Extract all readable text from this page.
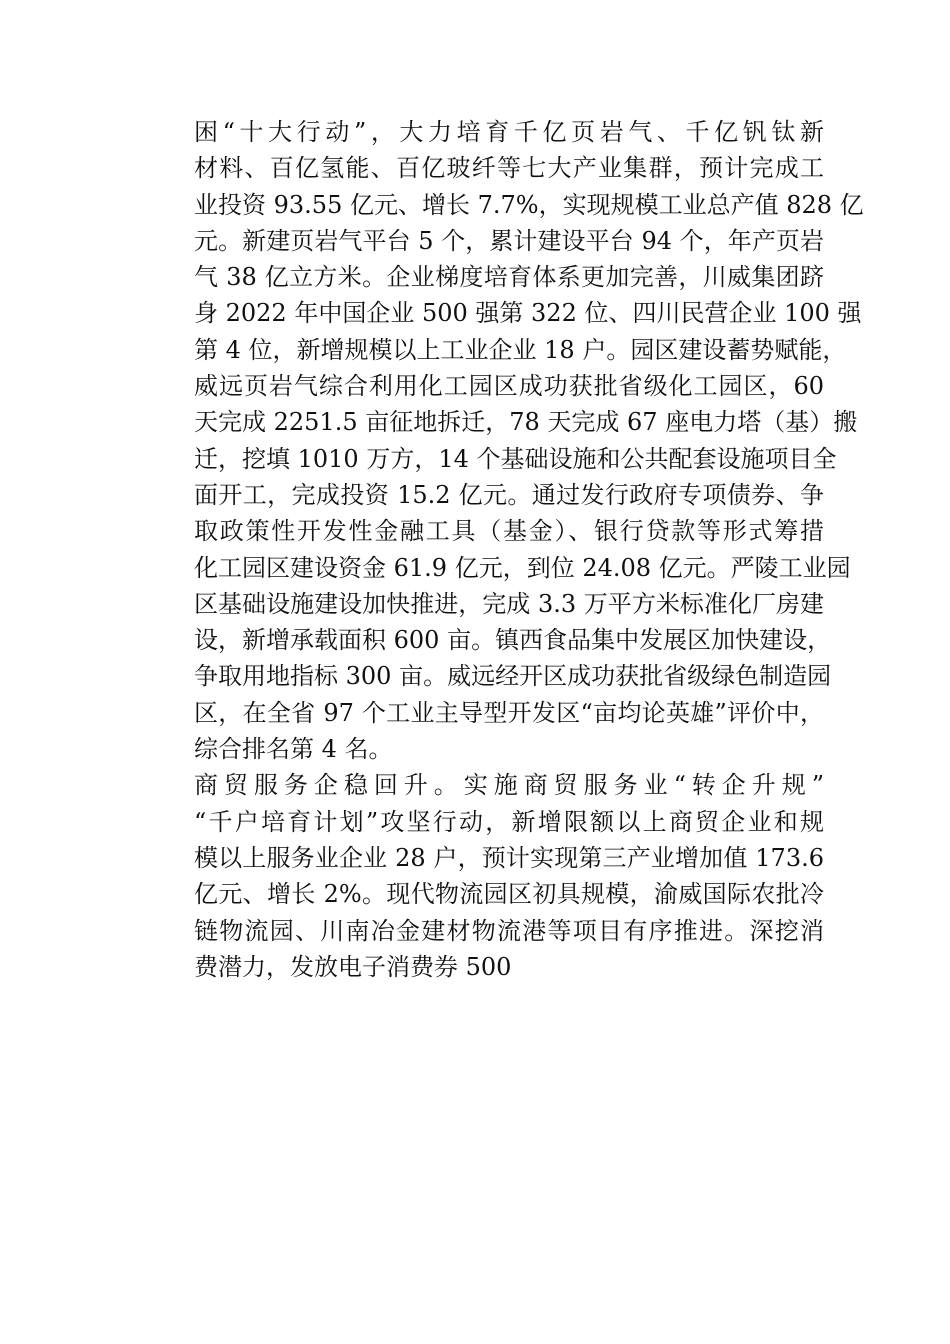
困“十大行动”，大力培育千亿页岩气、千亿钒钛新
材料、百亿氢能、百亿玻纤等七大产业集群，预计完成工
业投资 93.55 亿元、增长 7.7%，实现规模工业总产值 828 亿
元。新建页岩气平台 5 个，累计建设平台 94 个，年产页岩
气 38 亿立方米。企业梯度培育体系更加完善，川威集团跻
身 2022 年中国企业 500 强第 322 位、四川民营企业 100 强
第 4 位，新增规模以上工业企业 18 户。园区建设蓄势赋能，
威远页岩气综合利用化工园区成功获批省级化工园区，60
天完成 2251.5 亩征地拆迁，78 天完成 67 座电力塔（基）搬
迁，挖填 1010 万方，14 个基础设施和公共配套设施项目全
面开工，完成投资 15.2 亿元。通过发行政府专项债券、争
取政策性开发性金融工具（基金）、银行贷款等形式筹措
化工园区建设资金 61.9 亿元，到位 24.08 亿元。严陵工业园
区基础设施建设加快推进，完成 3.3 万平方米标准化厂房建
设，新增承载面积 600 亩。镇西食品集中发展区加快建设，
争取用地指标 300 亩。威远经开区成功获批省级绿色制造园
区，在全省 97 个工业主导型开发区“亩均论英雄”评价中，
综合排名第 4 名。

商贸服务企稳回升。实施商贸服务业“转企升规”
“千户培育计划”攻坚行动，新增限额以上商贸企业和规
模以上服务业企业 28 户，预计实现第三产业增加值 173.6
亿元、增长 2%。现代物流园区初具规模，渝威国际农批冷
链物流园、川南冶金建材物流港等项目有序推进。深挖消
费潜力，发放电子消费券 500
